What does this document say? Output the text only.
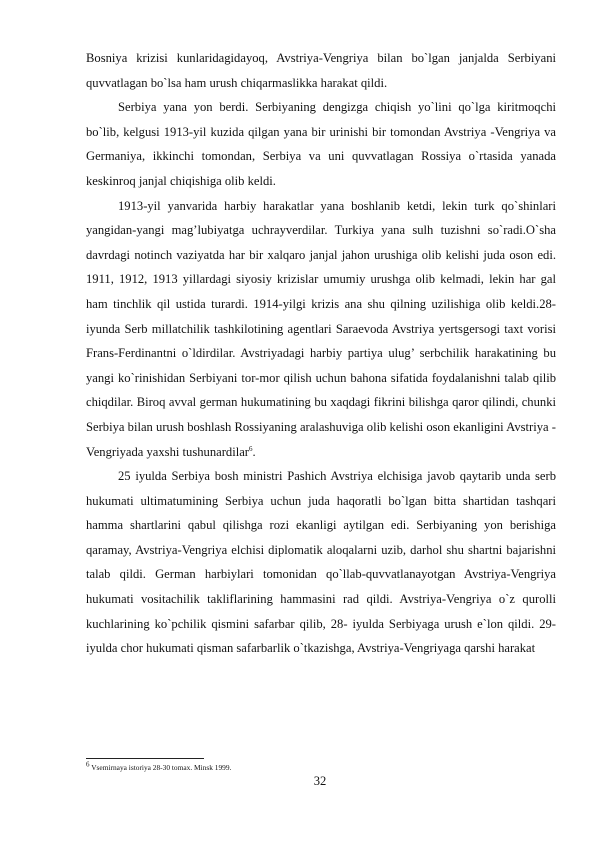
Bosniya krizisi kunlaridagidayoq, Avstriya-Vengriya bilan bo`lgan janjalda Serbiyani quvvatlagan bo`lsa ham urush chiqarmaslikka harakat qildi.

Serbiya yana yon berdi. Serbiyaning dengizga chiqish yo`lini qo`lga kiritmoqchi bo`lib, kelgusi 1913-yil kuzida qilgan yana bir urinishi bir tomondan Avstriya -Vengriya va Germaniya, ikkinchi tomondan, Serbiya va uni quvvatlagan Rossiya o`rtasida yanada keskinroq janjal chiqishiga olib keldi.

1913-yil yanvarida harbiy harakatlar yana boshlanib ketdi, lekin turk qo`shinlari yangidan-yangi mag’lubiyatga uchrayverdilar. Turkiya yana sulh tuzishni so`radi.O`sha davrdagi notinch vaziyatda har bir xalqaro janjal jahon urushiga olib kelishi juda oson edi. 1911, 1912, 1913 yillardagi siyosiy krizislar umumiy urushga olib kelmadi, lekin har gal ham tinchlik qil ustida turardi. 1914-yilgi krizis ana shu qilning uzilishiga olib keldi.28-iyunda Serb millatchilik tashkilotining agentlari Saraevoda Avstriya yertsgersogi taxt vorisi Frans-Ferdinantni o`ldirdilar. Avstriyadagi harbiy partiya ulug’ serbchilik harakatining bu yangi ko`rinishidan Serbiyani tor-mor qilish uchun bahona sifatida foydalanishni talab qilib chiqdilar. Biroq avval german hukumatining bu xaqdagi fikrini bilishga qaror qilindi, chunki Serbiya bilan urush boshlash Rossiyaning aralashuviga olib kelishi oson ekanligini Avstriya - Vengriyada yaxshi tushunardilar$^6$.

25 iyulda Serbiya bosh ministri Pashich Avstriya elchisiga javob qaytarib unda serb hukumati ultimatumining Serbiya uchun juda haqoratli bo`lgan bitta shartidan tashqari hamma shartlarini qabul qilishga rozi ekanligi aytilgan edi. Serbiyaning yon berishiga qaramay, Avstriya-Vengriya elchisi diplomatik aloqalarni uzib, darhol shu shartni bajarishni talab qildi. German harbiylari tomonidan qo`llab-quvvatlanayotgan Avstriya-Vengriya hukumati vositachilik takliflarining hammasini rad qildi. Avstriya-Vengriya o`z qurolli kuchlarining ko`pchilik qismini safarbar qilib, 28- iyulda Serbiyaga urush e`lon qildi. 29- iyulda chor hukumati qisman safarbarlik o`tkazishga, Avstriya-Vengriyaga qarshi harakat

$^6$ Vsemirnaya istoriya 28-30 tomax. Minsk 1999.
32
